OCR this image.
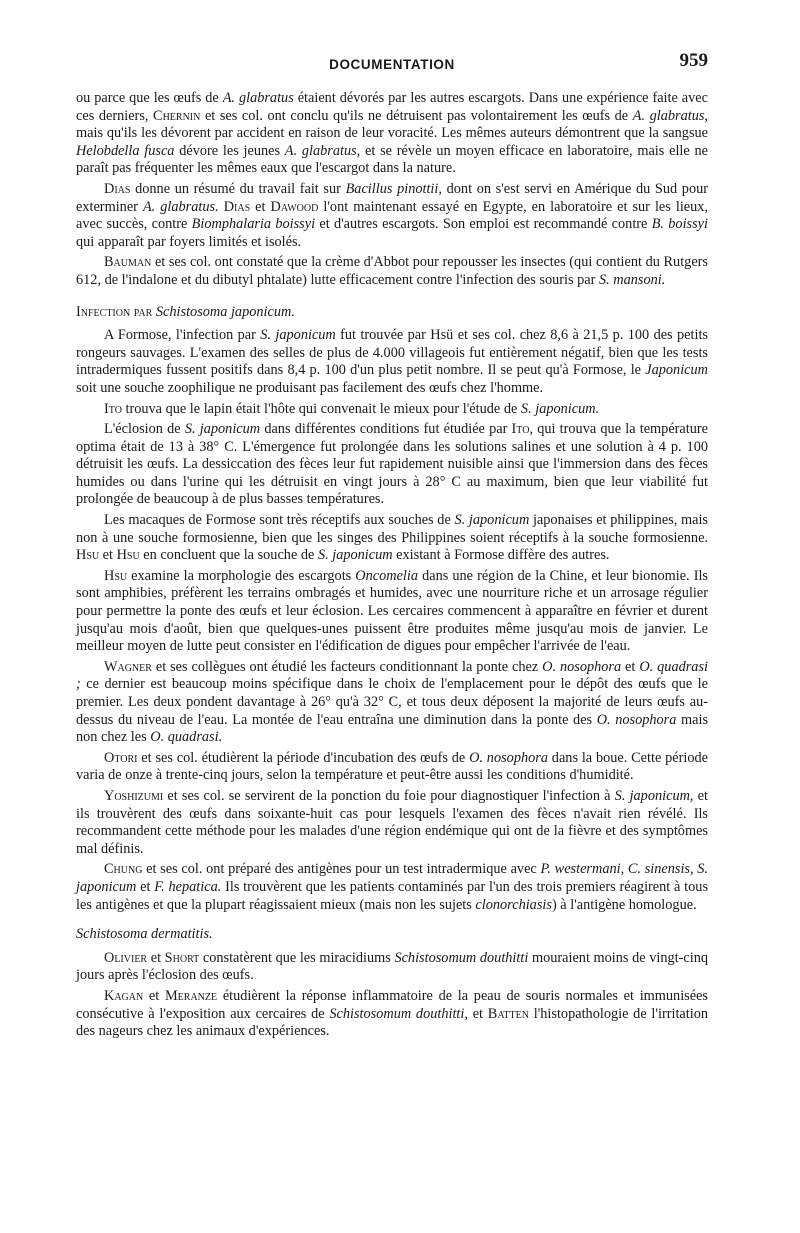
DOCUMENTATION	959

ou parce que les œufs de A. glabratus étaient dévorés par les autres escargots. Dans une expérience faite avec ces derniers, Chernin et ses col. ont conclu qu'ils ne détruisent pas volontairement les œufs de A. glabratus, mais qu'ils les dévorent par accident en raison de leur voracité. Les mêmes auteurs démontrent que la sangsue Helobdella fusca dévore les jeunes A. glabratus, et se révèle un moyen efficace en laboratoire, mais elle ne paraît pas fréquenter les mêmes eaux que l'escargot dans la nature.

Dias donne un résumé du travail fait sur Bacillus pinottii, dont on s'est servi en Amérique du Sud pour exterminer A. glabratus. Dias et Dawood l'ont maintenant essayé en Egypte, en laboratoire et sur les lieux, avec succès, contre Biomphalaria boissyi et d'autres escargots. Son emploi est recommandé contre B. boissyi qui apparaît par foyers limités et isolés.

Bauman et ses col. ont constaté que la crème d'Abbot pour repousser les insectes (qui contient du Rutgers 612, de l'indalone et du dibutyl phtalate) lutte efficacement contre l'infection des souris par S. mansoni.

Infection par Schistosoma japonicum.

A Formose, l'infection par S. japonicum fut trouvée par Hsü et ses col. chez 8,6 à 21,5 p. 100 des petits rongeurs sauvages. L'examen des selles de plus de 4.000 villageois fut entièrement négatif, bien que les tests intradermiques fussent positifs dans 8,4 p. 100 d'un plus petit nombre. Il se peut qu'à Formose, le Japonicum soit une souche zoophilique ne produisant pas facilement des œufs chez l'homme.

Ito trouva que le lapin était l'hôte qui convenait le mieux pour l'étude de S. japonicum.

L'éclosion de S. japonicum dans différentes conditions fut étudiée par Ito, qui trouva que la température optima était de 13 à 38° C. L'émergence fut prolongée dans les solutions salines et une solution à 4 p. 100 détruisit les œufs. La dessiccation des fèces leur fut rapidement nuisible ainsi que l'immersion dans des fèces humides ou dans l'urine qui les détruisit en vingt jours à 28° C au maximum, bien que leur viabilité fut prolongée de beaucoup à de plus basses températures.

Les macaques de Formose sont très réceptifs aux souches de S. japonicum japonaises et philippines, mais non à une souche formosienne, bien que les singes des Philippines soient réceptifs à la souche formosienne. Hsu et Hsu en concluent que la souche de S. japonicum existant à Formose diffère des autres.

Hsu examine la morphologie des escargots Oncomelia dans une région de la Chine, et leur bionomie. Ils sont amphibies, préfèrent les terrains ombragés et humides, avec une nourriture riche et un arrosage régulier pour permettre la ponte des œufs et leur éclosion. Les cercaires commencent à apparaître en février et durent jusqu'au mois d'août, bien que quelques-unes puissent être produites même jusqu'au mois de janvier. Le meilleur moyen de lutte peut consister en l'édification de digues pour empêcher l'arrivée de l'eau.

Wagner et ses collègues ont étudié les facteurs conditionnant la ponte chez O. nosophora et O. quadrasi ; ce dernier est beaucoup moins spécifique dans le choix de l'emplacement pour le dépôt des œufs que le premier. Les deux pondent davantage à 26° qu'à 32° C, et tous deux déposent la majorité de leurs œufs au-dessus du niveau de l'eau. La montée de l'eau entraîna une diminution dans la ponte des O. nosophora mais non chez les O. quadrasi.

Otori et ses col. étudièrent la période d'incubation des œufs de O. nosophora dans la boue. Cette période varia de onze à trente-cinq jours, selon la température et peut-être aussi les conditions d'humidité.

Yoshizumi et ses col. se servirent de la ponction du foie pour diagnostiquer l'infection à S. japonicum, et ils trouvèrent des œufs dans soixante-huit cas pour lesquels l'examen des fèces n'avait rien révélé. Ils recommandent cette méthode pour les malades d'une région endémique qui ont de la fièvre et des symptômes mal définis.

Chung et ses col. ont préparé des antigènes pour un test intradermique avec P. westermani, C. sinensis, S. japonicum et F. hepatica. Ils trouvèrent que les patients contaminés par l'un des trois premiers réagirent à tous les antigènes et que la plupart réagissaient mieux (mais non les sujets clonorchiasis) à l'antigène homologue.

Schistosoma dermatitis.

Olivier et Short constatèrent que les miracidiums Schistosomum douthitti mouraient moins de vingt-cinq jours après l'éclosion des œufs.

Kagan et Meranze étudièrent la réponse inflammatoire de la peau de souris normales et immunisées consécutive à l'exposition aux cercaires de Schistosomum douthitti, et Batten l'histopathologie de l'irritation des nageurs chez les animaux d'expériences.
